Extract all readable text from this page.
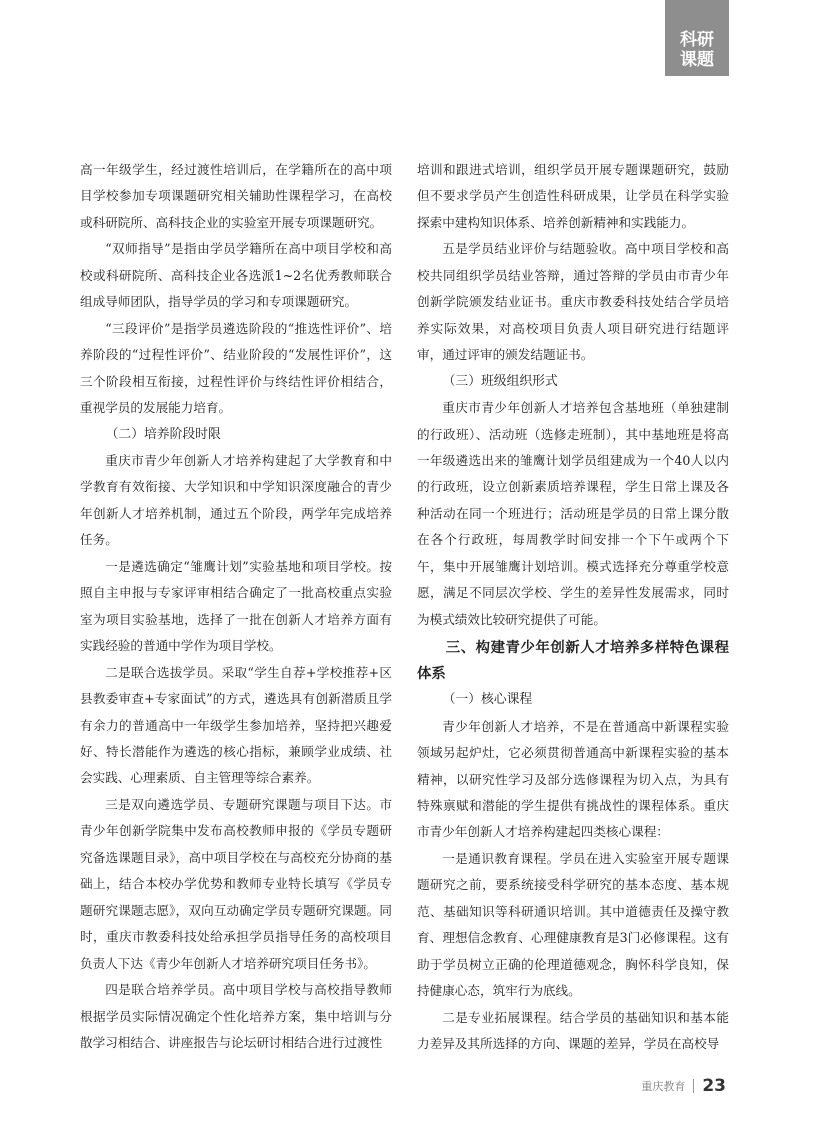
科研
课题

高一年级学生，经过渡性培训后，在学籍所在的高中项目学校参加专项课题研究相关辅助性课程学习，在高校或科研院所、高科技企业的实验室开展专项课题研究。

“双师指导”是指由学员学籍所在高中项目学校和高校或科研院所、高科技企业各选派1~2名优秀教师联合组成导师团队，指导学员的学习和专项课题研究。

“三段评价”是指学员遴选阶段的“推选性评价”、培养阶段的“过程性评价”、结业阶段的“发展性评价”，这三个阶段相互衔接，过程性评价与终结性评价相结合，重视学员的发展能力培育。

（二）培养阶段时限

重庆市青少年创新人才培养构建起了大学教育和中学教育有效衔接、大学知识和中学知识深度融合的青少年创新人才培养机制，通过五个阶段，两学年完成培养任务。

一是遴选确定“雏鹰计划”实验基地和项目学校。按照自主申报与专家评审相结合确定了一批高校重点实验室为项目实验基地，选择了一批在创新人才培养方面有实践经验的普通中学作为项目学校。

二是联合选拔学员。采取“学生自荐+学校推荐+区县教委审查+专家面试”的方式，遴选具有创新潜质且学有余力的普通高中一年级学生参加培养，坚持把兴趣爱好、特长潜能作为遴选的核心指标，兼顾学业成绩、社会实践、心理素质、自主管理等综合素养。

三是双向遴选学员、专题研究课题与项目下达。市青少年创新学院集中发布高校教师申报的《学员专题研究备选课题目录》，高中项目学校在与高校充分协商的基础上，结合本校办学优势和教师专业特长填写《学员专题研究课题志愿》，双向互动确定学员专题研究课题。同时，重庆市教委科技处给承担学员指导任务的高校项目负责人下达《青少年创新人才培养研究项目任务书》。

四是联合培养学员。高中项目学校与高校指导教师根据学员实际情况确定个性化培养方案，集中培训与分散学习相结合、讲座报告与论坛研讨相结合进行过渡性

培训和跟进式培训，组织学员开展专题课题研究，鼓励但不要求学员产生创造性科研成果，让学员在科学实验探索中建构知识体系、培养创新精神和实践能力。

五是学员结业评价与结题验收。高中项目学校和高校共同组织学员结业答辩，通过答辩的学员由市青少年创新学院颁发结业证书。重庆市教委科技处结合学员培养实际效果，对高校项目负责人项目研究进行结题评审，通过评审的颁发结题证书。

（三）班级组织形式

重庆市青少年创新人才培养包含基地班（单独建制的行政班）、活动班（选修走班制），其中基地班是将高一年级遴选出来的雏鹰计划学员组建成为一个40人以内的行政班，设立创新素质培养课程，学生日常上课及各种活动在同一个班进行；活动班是学员的日常上课分散在各个行政班，每周教学时间安排一个下午或两个下午，集中开展雏鹰计划培训。模式选择充分尊重学校意愿，满足不同层次学校、学生的差异性发展需求，同时为模式绩效比较研究提供了可能。

三、构建青少年创新人才培养多样特色课程体系
（一）核心课程

青少年创新人才培养，不是在普通高中新课程实验领域另起炉灶，它必须贯彻普通高中新课程实验的基本精神，以研究性学习及部分选修课程为切入点，为具有特殊禀赋和潜能的学生提供有挑战性的课程体系。重庆市青少年创新人才培养构建起四类核心课程：

一是通识教育课程。学员在进入实验室开展专题课题研究之前，要系统接受科学研究的基本态度、基本规范、基础知识等科研通识培训。其中道德责任及操守教育、理想信念教育、心理健康教育是3门必修课程。这有助于学员树立正确的伦理道德观念，胸怀科学良知，保持健康心态，筑牢行为底线。

二是专业拓展课程。结合学员的基础知识和基本能力差异及其所选择的方向、课题的差异，学员在高校导

重庆教育 23
